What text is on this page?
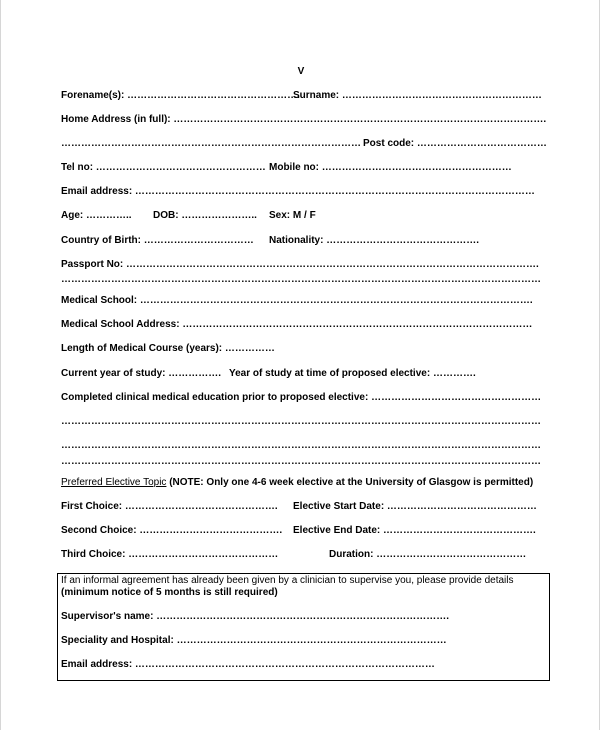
V
Forename(s): …………………………………………….
Surname: ……………………………………………………
Home Address (in full): ………………………………………………………………………………………………….
……………………………………………………………………………… Post code: …………………………………
Tel no: …………………………………………… Mobile no: …………………………………………………
Email address: …………………………………………………………………………………………………………
Age: ………….. DOB: ………………….. Sex: M / F
Country of Birth: …………………………… Nationality: ……………………………………….
Passport No: …………………………………………………………………………………………………………….
………………………………………………………………………………………………………………………………
Medical School: ……………………………………………………………………………………………………….
Medical School Address: ……………………………………………………………………………………………
Length of Medical Course (years): ……………
Current year of study: ……………. Year of study at time of proposed elective: ………….
Completed clinical medical education prior to proposed elective: ……………………………………………
………………………………………………………………………………………………………………………………
………………………………………………………………………………………………………………………………
………………………………………………………………………………………………………………………………
Preferred Elective Topic (NOTE: Only one 4-6 week elective at the University of Glasgow is permitted)
First Choice: ………………………………………. Elective Start Date: ………………………………………
Second Choice: ……………………………………. Elective End Date: ……………………………………….
Third Choice: ………………………………………	Duration: ………………………………………
If an informal agreement has already been given by a clinician to supervise you, please provide details
(minimum notice of 5 months is still required)
Supervisor's name: …………………………………………………………………………….
Speciality and Hospital: ………………………………………………………………………
Email address: ………………………………………………………………………………
